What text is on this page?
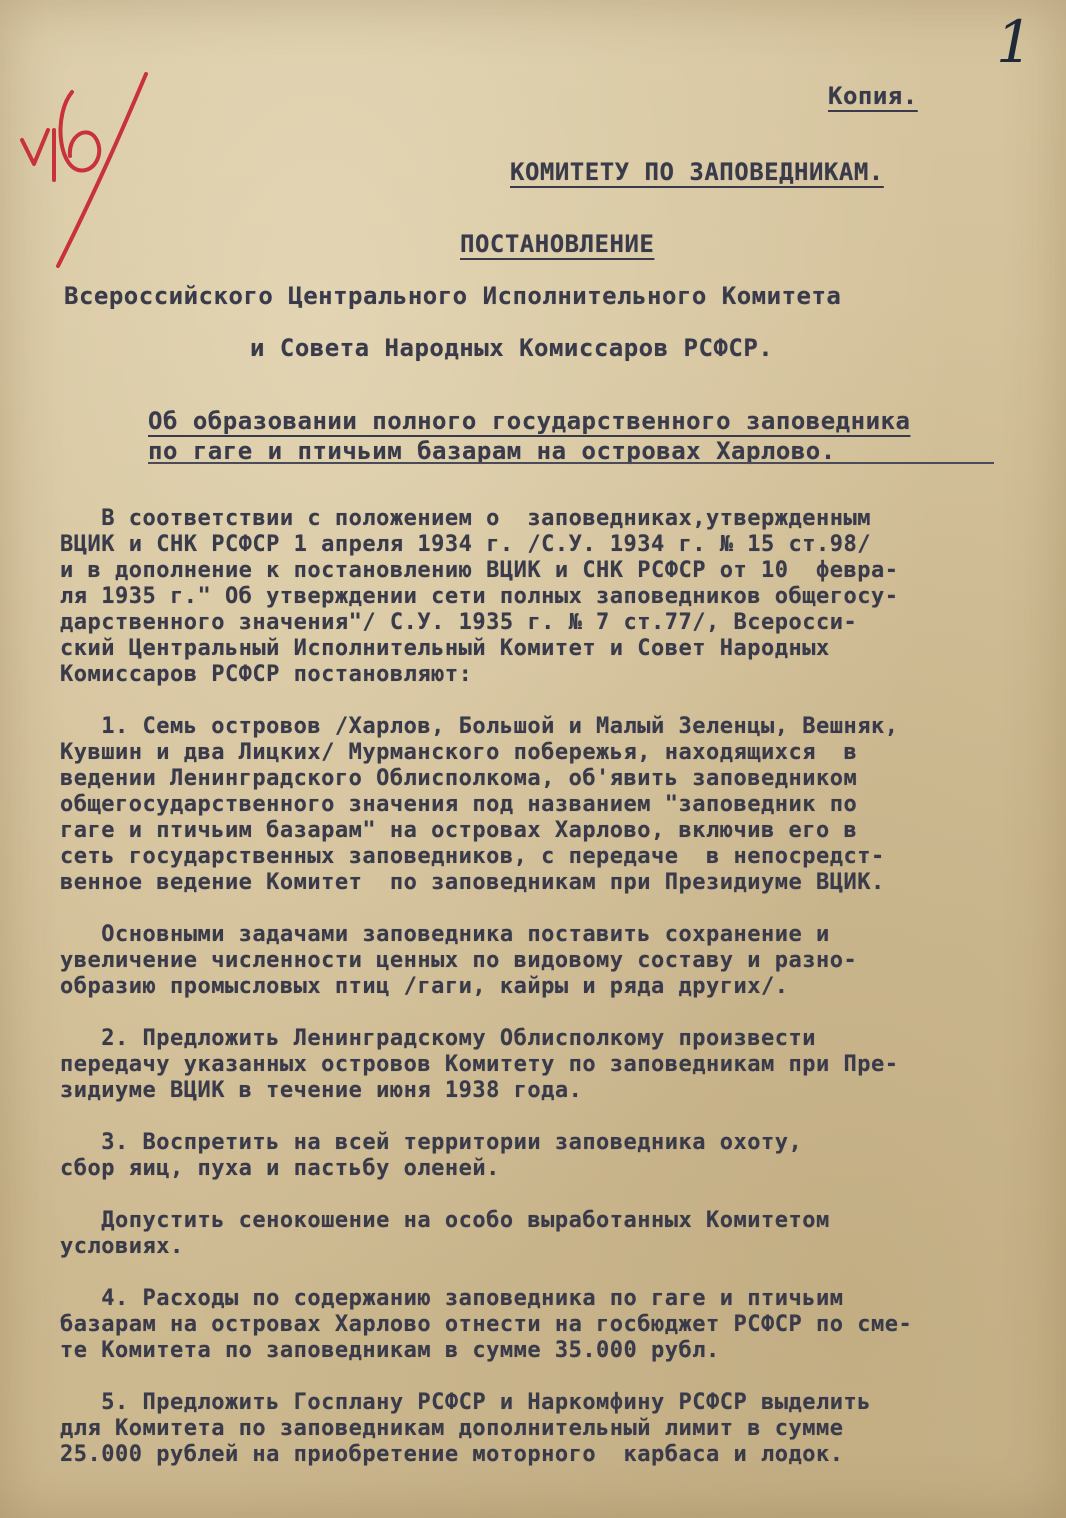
1
Копия.
КОМИТЕТУ ПО ЗАПОВЕДНИКАМ.
ПОСТАНОВЛЕНИЕ
Всероссийского Центрального Исполнительного Комитета
и Совета Народных Комиссаров РСФСР.
Об образовании полного государственного заповедника
по гаге и птичьим базарам на островах Харлово.
В соответствии с положением о  заповедниках,утвержденным
ВЦИК и СНК РСФСР 1 апреля 1934 г. /С.У. 1934 г. № 15 ст.98/
и в дополнение к постановлению ВЦИК и СНК РСФСР от 10  февра-
ля 1935 г." Об утверждении сети полных заповедников общегосу-
дарственного значения"/ С.У. 1935 г. № 7 ст.77/, Всеросси-
ский Центральный Исполнительный Комитет и Совет Народных
Комиссаров РСФСР постановляют:
1. Семь островов /Харлов, Большой и Малый Зеленцы, Вешняк,
Кувшин и два Лицких/ Мурманского побережья, находящихся  в
ведении Ленинградского Облисполкома, об'явить заповедником
общегосударственного значения под названием "заповедник по
гаге и птичьим базарам" на островах Харлово, включив его в
сеть государственных заповедников, с передаче  в непосредст-
венное ведение Комитет  по заповедникам при Президиуме ВЦИК.
Основными задачами заповедника поставить сохранение и
увеличение численности ценных по видовому составу и разно-
образию промысловых птиц /гаги, кайры и ряда других/.
2. Предложить Ленинградскому Облисполкому произвести
передачу указанных островов Комитету по заповедникам при Пре-
зидиуме ВЦИК в течение июня 1938 года.
3. Воспретить на всей территории заповедника охоту,
сбор яиц, пуха и пастьбу оленей.
Допустить сенокошение на особо выработанных Комитетом
условиях.
4. Расходы по содержанию заповедника по гаге и птичьим
базарам на островах Харлово отнести на госбюджет РСФСР по сме-
те Комитета по заповедникам в сумме 35.000 рубл.
5. Предложить Госплану РСФСР и Наркомфину РСФСР выделить
для Комитета по заповедникам дополнительный лимит в сумме
25.000 рублей на приобретение моторного  карбаса и лодок.
